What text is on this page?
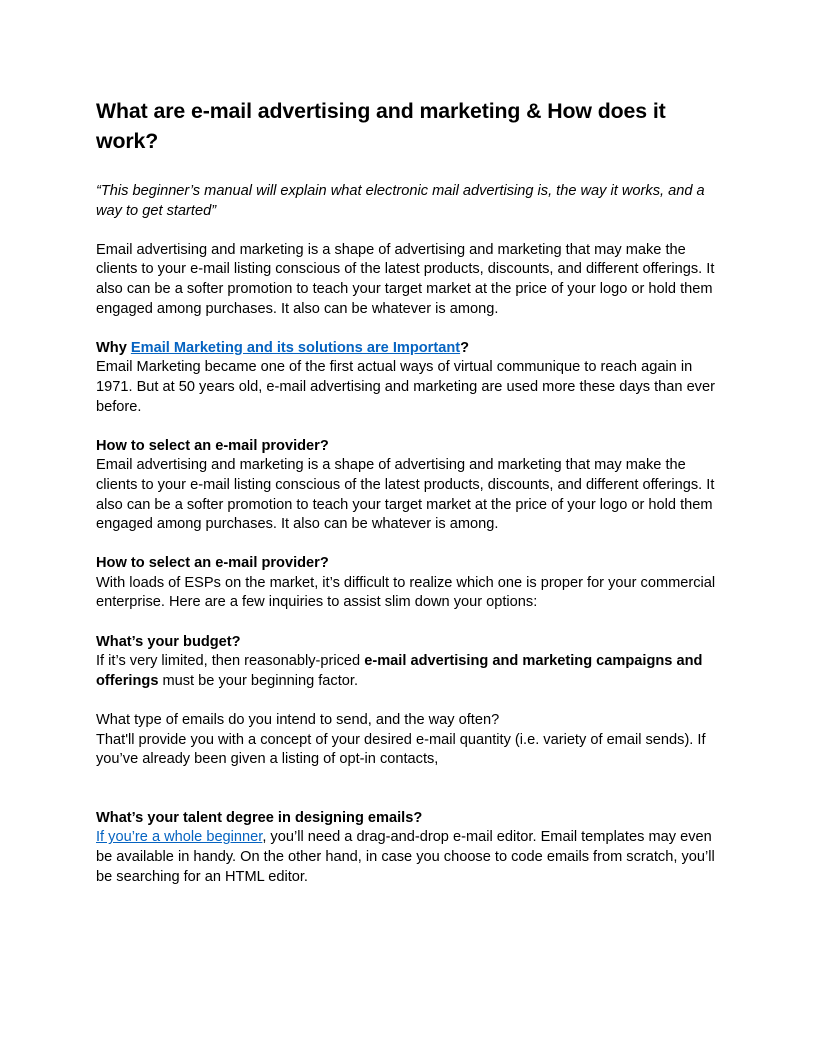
What are e-mail advertising and marketing & How does it work?

“This beginner’s manual will explain what electronic mail advertising is, the way it works, and a way to get started”

Email advertising and marketing is a shape of advertising and marketing that may make the clients to your e-mail listing conscious of the latest products, discounts, and different offerings. It also can be a softer promotion to teach your target market at the price of your logo or hold them engaged among purchases. It also can be whatever is among.

Why Email Marketing and its solutions are Important?

Email Marketing became one of the first actual ways of virtual communique to reach again in 1971. But at 50 years old, e-mail advertising and marketing are used more these days than ever before.

How to select an e-mail provider?

Email advertising and marketing is a shape of advertising and marketing that may make the clients to your e-mail listing conscious of the latest products, discounts, and different offerings. It also can be a softer promotion to teach your target market at the price of your logo or hold them engaged among purchases. It also can be whatever is among.

How to select an e-mail provider?

With loads of ESPs on the market, it’s difficult to realize which one is proper for your commercial enterprise. Here are a few inquiries to assist slim down your options:

What’s your budget?

If it’s very limited, then reasonably-priced e-mail advertising and marketing campaigns and offerings must be your beginning factor.

What type of emails do you intend to send, and the way often?

That'll provide you with a concept of your desired e-mail quantity (i.e. variety of email sends). If you’ve already been given a listing of opt-in contacts,

What’s your talent degree in designing emails?

If you’re a whole beginner, you’ll need a drag-and-drop e-mail editor. Email templates may even be available in handy. On the other hand, in case you choose to code emails from scratch, you’ll be searching for an HTML editor.
